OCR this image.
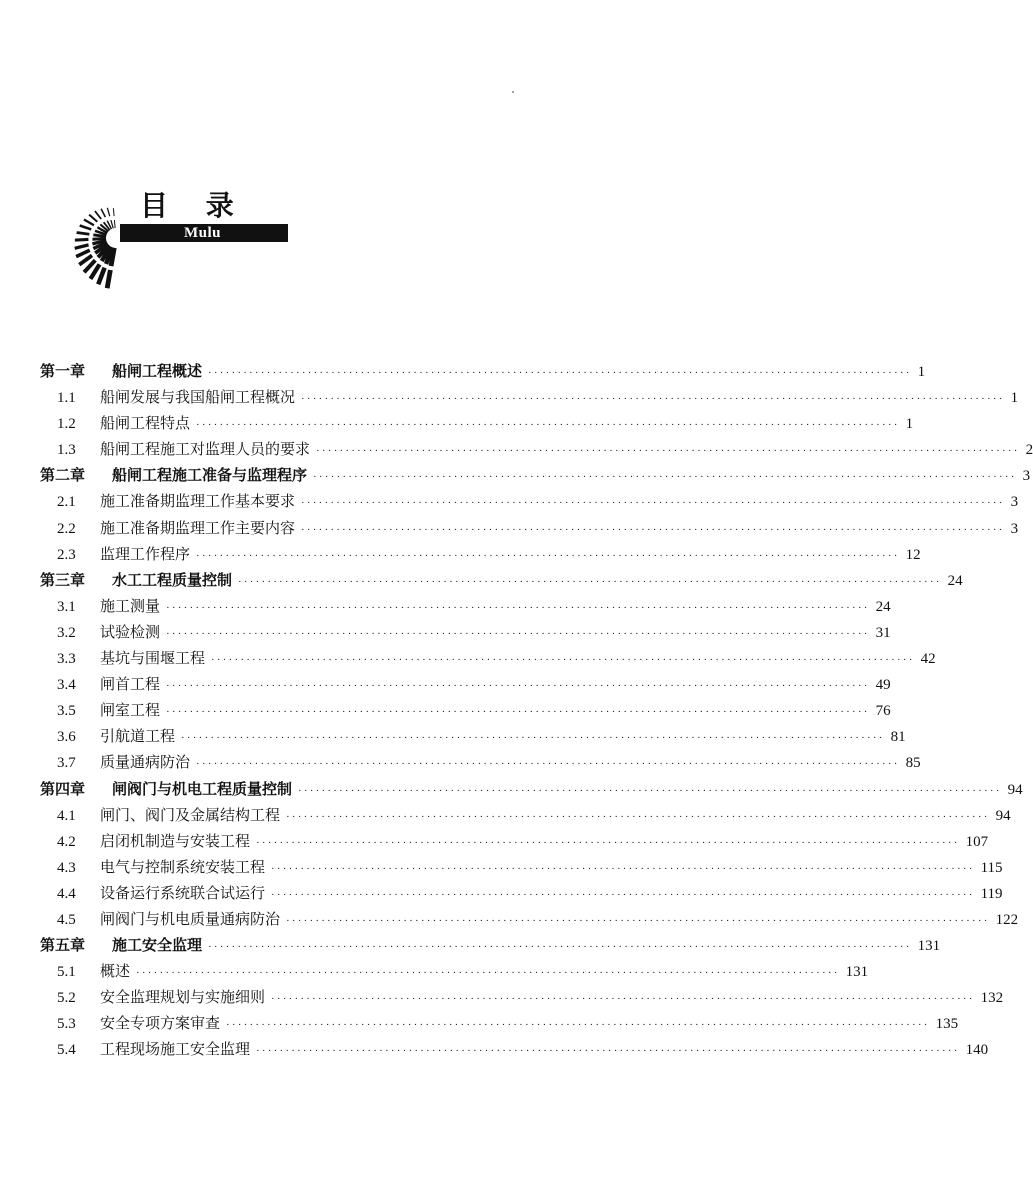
目 录
Mulu
第一章	船闸工程概述 ························································································································ 1
1.1	船闸发展与我国船闸工程概况 ························································································································ 1
1.2	船闸工程特点 ························································································································ 1
1.3	船闸工程施工对监理人员的要求 ························································································································ 2
第二章	船闸工程施工准备与监理程序 ························································································································ 3
2.1	施工准备期监理工作基本要求 ························································································································ 3
2.2	施工准备期监理工作主要内容 ························································································································ 3
2.3	监理工作程序 ························································································································ 12
第三章	水工工程质量控制 ························································································································ 24
3.1	施工测量 ························································································································ 24
3.2	试验检测 ························································································································ 31
3.3	基坑与围堰工程 ························································································································ 42
3.4	闸首工程 ························································································································ 49
3.5	闸室工程 ························································································································ 76
3.6	引航道工程 ························································································································ 81
3.7	质量通病防治 ························································································································ 85
第四章	闸阀门与机电工程质量控制 ························································································································ 94
4.1	闸门、阀门及金属结构工程 ························································································································ 94
4.2	启闭机制造与安装工程 ························································································································ 107
4.3	电气与控制系统安装工程 ························································································································ 115
4.4	设备运行系统联合试运行 ························································································································ 119
4.5	闸阀门与机电质量通病防治 ························································································································ 122
第五章	施工安全监理 ························································································································ 131
5.1	概述 ························································································································ 131
5.2	安全监理规划与实施细则 ························································································································ 132
5.3	安全专项方案审查 ························································································································ 135
5.4	工程现场施工安全监理 ························································································································ 140
